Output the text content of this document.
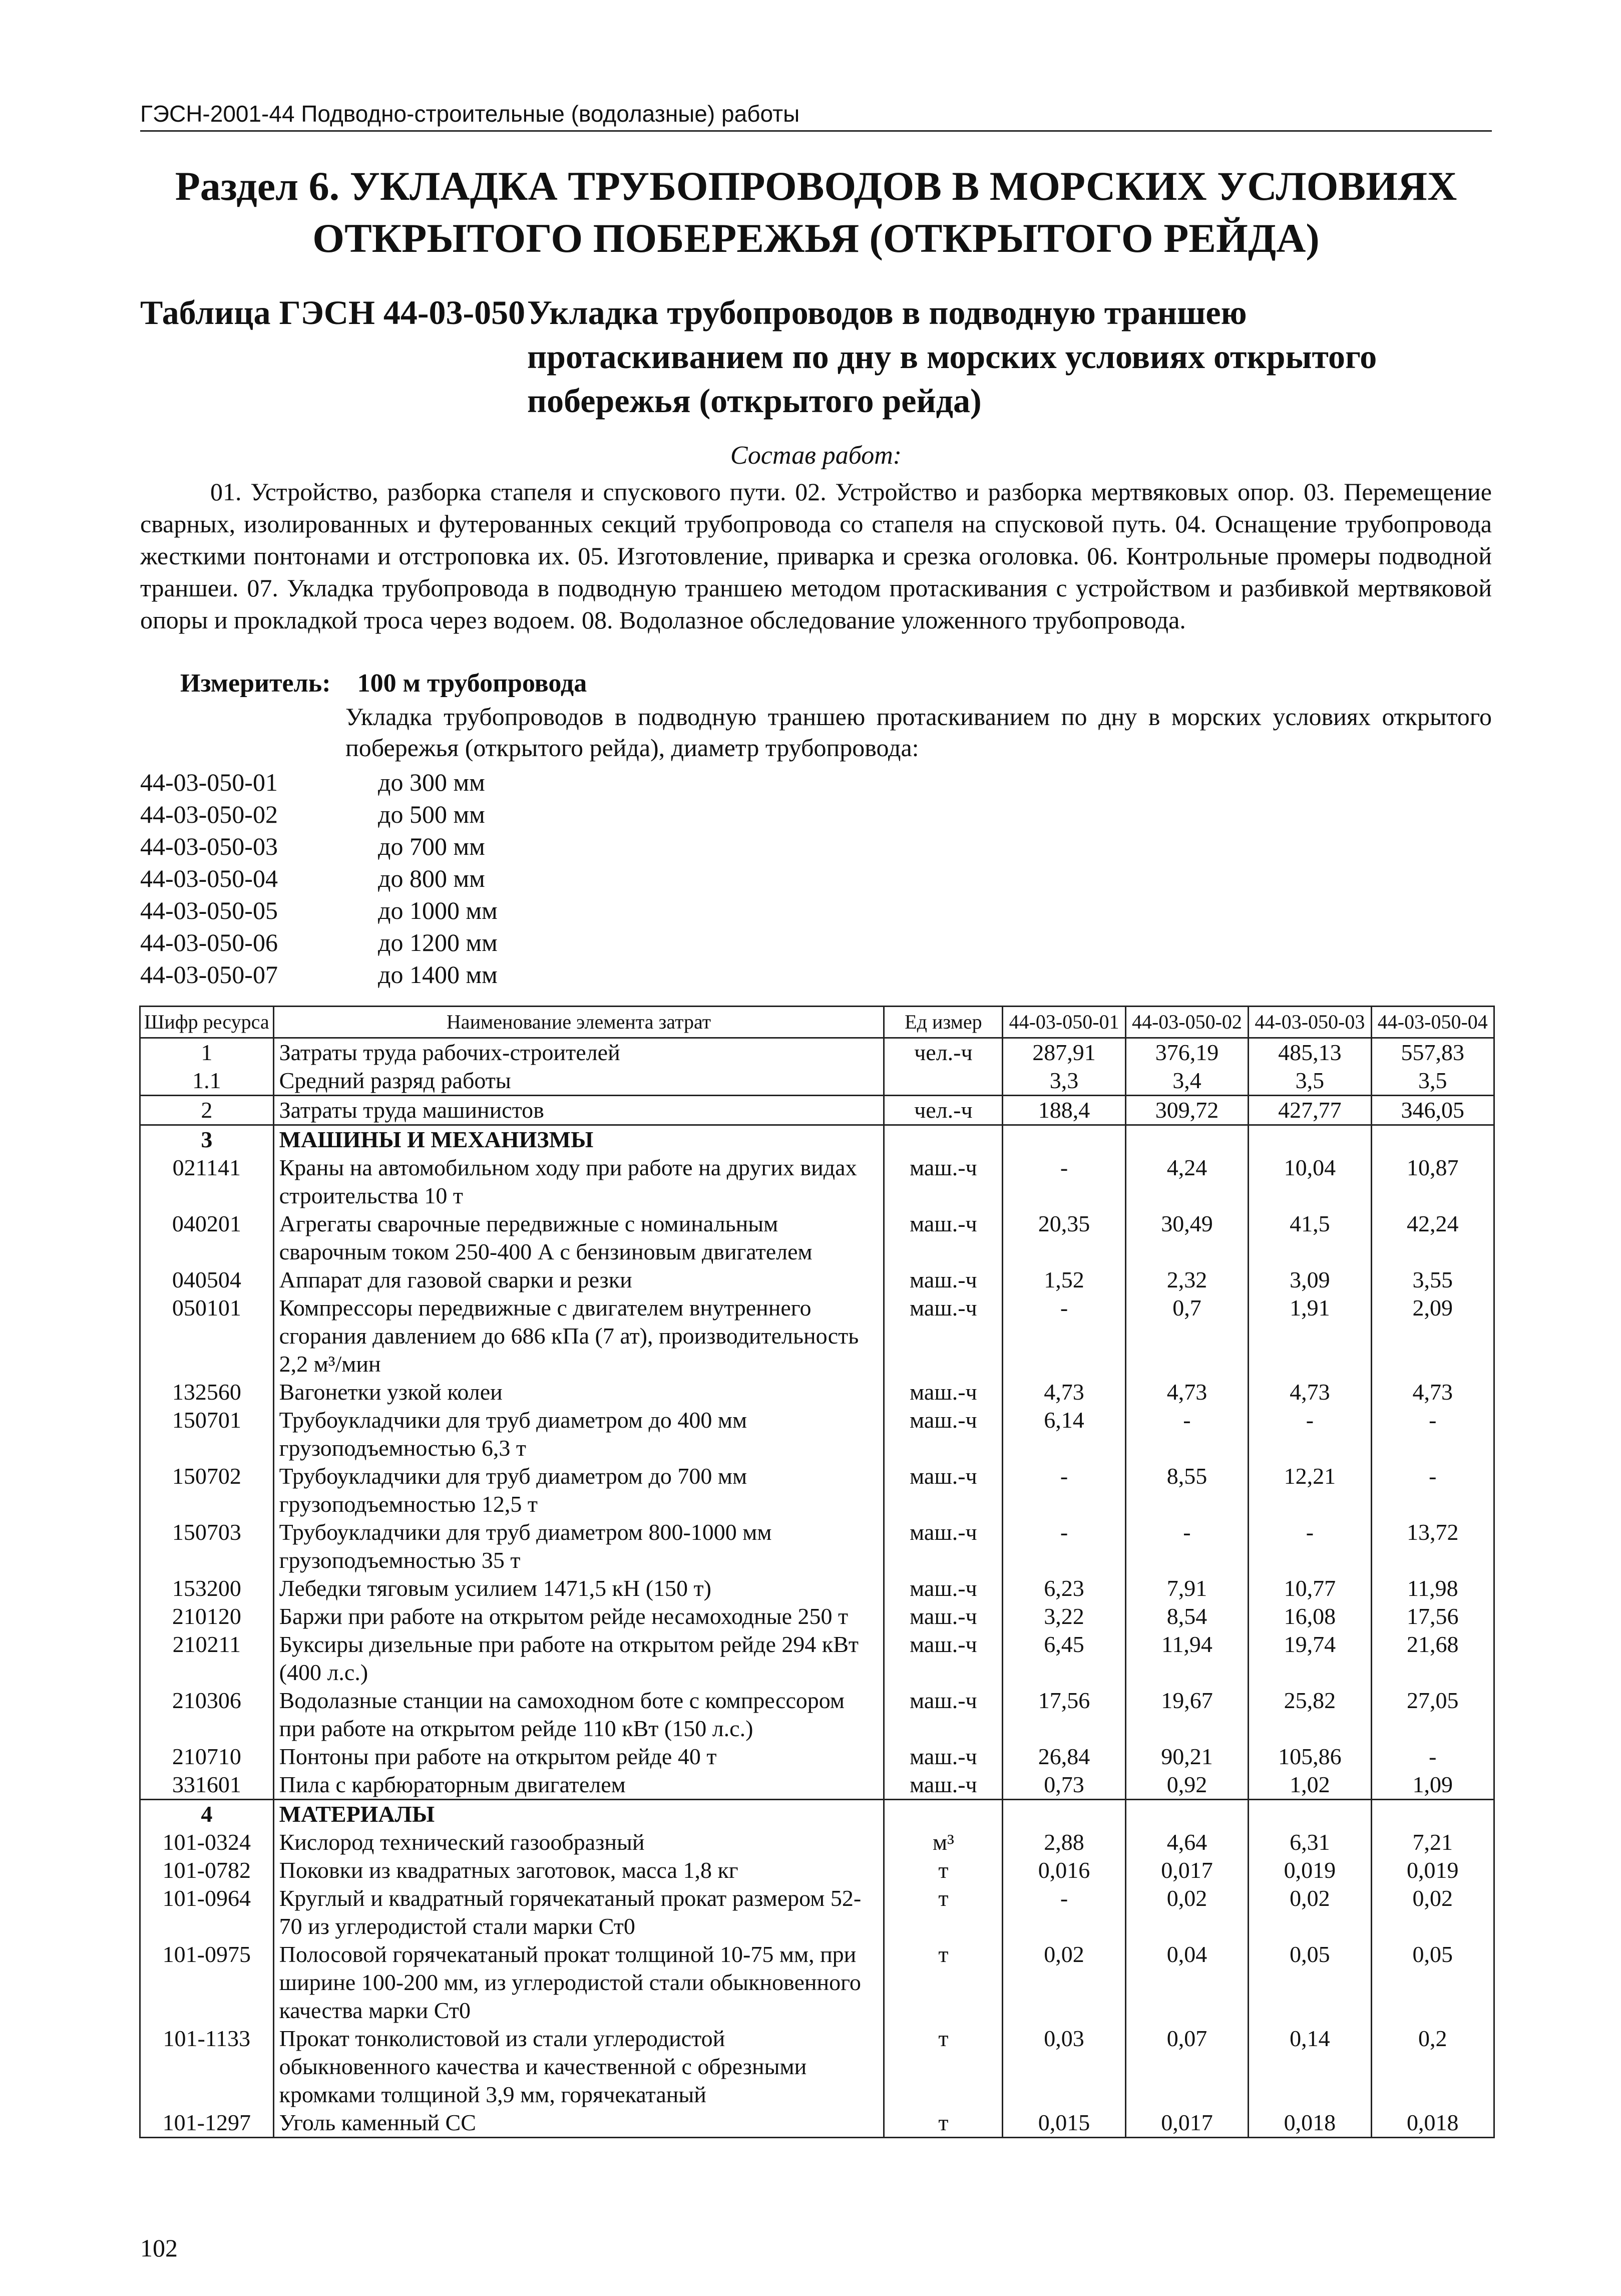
ГЭСН-2001-44 Подводно-строительные (водолазные) работы
Раздел 6. УКЛАДКА ТРУБОПРОВОДОВ В МОРСКИХ УСЛОВИЯХ ОТКРЫТОГО ПОБЕРЕЖЬЯ (ОТКРЫТОГО РЕЙДА)
Таблица ГЭСН 44-03-050 Укладка трубопроводов в подводную траншею протаскиванием по дну в морских условиях открытого побережья (открытого рейда)
Состав работ:
01. Устройство, разборка стапеля и спускового пути. 02. Устройство и разборка мертвяковых опор. 03. Перемещение сварных, изолированных и футерованных секций трубопровода со стапеля на спусковой путь. 04. Оснащение трубопровода жесткими понтонами и отстроповка их. 05. Изготовление, приварка и срезка оголовка. 06. Контрольные промеры подводной траншеи. 07. Укладка трубопровода в подводную траншею методом протаскивания с устройством и разбивкой мертвяковой опоры и прокладкой троса через водоем. 08. Водолазное обследование уложенного трубопровода.
Измеритель: 100 м трубопровода
Укладка трубопроводов в подводную траншею протаскиванием по дну в морских условиях открытого побережья (открытого рейда), диаметр трубопровода:
44-03-050-01	до 300 мм
44-03-050-02	до 500 мм
44-03-050-03	до 700 мм
44-03-050-04	до 800 мм
44-03-050-05	до 1000 мм
44-03-050-06	до 1200 мм
44-03-050-07	до 1400 мм
Шифр ресурса	Наименование элемента затрат	Ед измер	44-03-050-01	44-03-050-02	44-03-050-03	44-03-050-04
1	Затраты труда рабочих-строителей	чел.-ч	287,91	376,19	485,13	557,83
1.1	Средний разряд работы		3,3	3,4	3,5	3,5
2	Затраты труда машинистов	чел.-ч	188,4	309,72	427,77	346,05
3	МАШИНЫ И МЕХАНИЗМЫ					
021141	Краны на автомобильном ходу при работе на других видах строительства 10 т	маш.-ч	-	4,24	10,04	10,87
040201	Агрегаты сварочные передвижные с номинальным сварочным током 250-400 А с бензиновым двигателем	маш.-ч	20,35	30,49	41,5	42,24
040504	Аппарат для газовой сварки и резки	маш.-ч	1,52	2,32	3,09	3,55
050101	Компрессоры передвижные с двигателем внутреннего сгорания давлением до 686 кПа (7 ат), производительность 2,2 м³/мин	маш.-ч	-	0,7	1,91	2,09
132560	Вагонетки узкой колеи	маш.-ч	4,73	4,73	4,73	4,73
150701	Трубоукладчики для труб диаметром до 400 мм грузоподъемностью 6,3 т	маш.-ч	6,14	-	-	-
150702	Трубоукладчики для труб диаметром до 700 мм грузоподъемностью 12,5 т	маш.-ч	-	8,55	12,21	-
150703	Трубоукладчики для труб диаметром 800-1000 мм грузоподъемностью 35 т	маш.-ч	-	-	-	13,72
153200	Лебедки тяговым усилием 1471,5 кН (150 т)	маш.-ч	6,23	7,91	10,77	11,98
210120	Баржи при работе на открытом рейде несамоходные 250 т	маш.-ч	3,22	8,54	16,08	17,56
210211	Буксиры дизельные при работе на открытом рейде 294 кВт (400 л.с.)	маш.-ч	6,45	11,94	19,74	21,68
210306	Водолазные станции на самоходном боте с компрессором при работе на открытом рейде 110 кВт (150 л.с.)	маш.-ч	17,56	19,67	25,82	27,05
210710	Понтоны при работе на открытом рейде 40 т	маш.-ч	26,84	90,21	105,86	-
331601	Пила с карбюраторным двигателем	маш.-ч	0,73	0,92	1,02	1,09
4	МАТЕРИАЛЫ					
101-0324	Кислород технический газообразный	м³	2,88	4,64	6,31	7,21
101-0782	Поковки из квадратных заготовок, масса 1,8 кг	т	0,016	0,017	0,019	0,019
101-0964	Круглый и квадратный горячекатаный прокат размером 52-70 из углеродистой стали марки Ст0	т	-	0,02	0,02	0,02
101-0975	Полосовой горячекатаный прокат толщиной 10-75 мм, при ширине 100-200 мм, из углеродистой стали обыкновенного качества марки Ст0	т	0,02	0,04	0,05	0,05
101-1133	Прокат тонколистовой из стали углеродистой обыкновенного качества и качественной с обрезными кромками толщиной 3,9 мм, горячекатаный	т	0,03	0,07	0,14	0,2
101-1297	Уголь каменный СС	т	0,015	0,017	0,018	0,018
102
